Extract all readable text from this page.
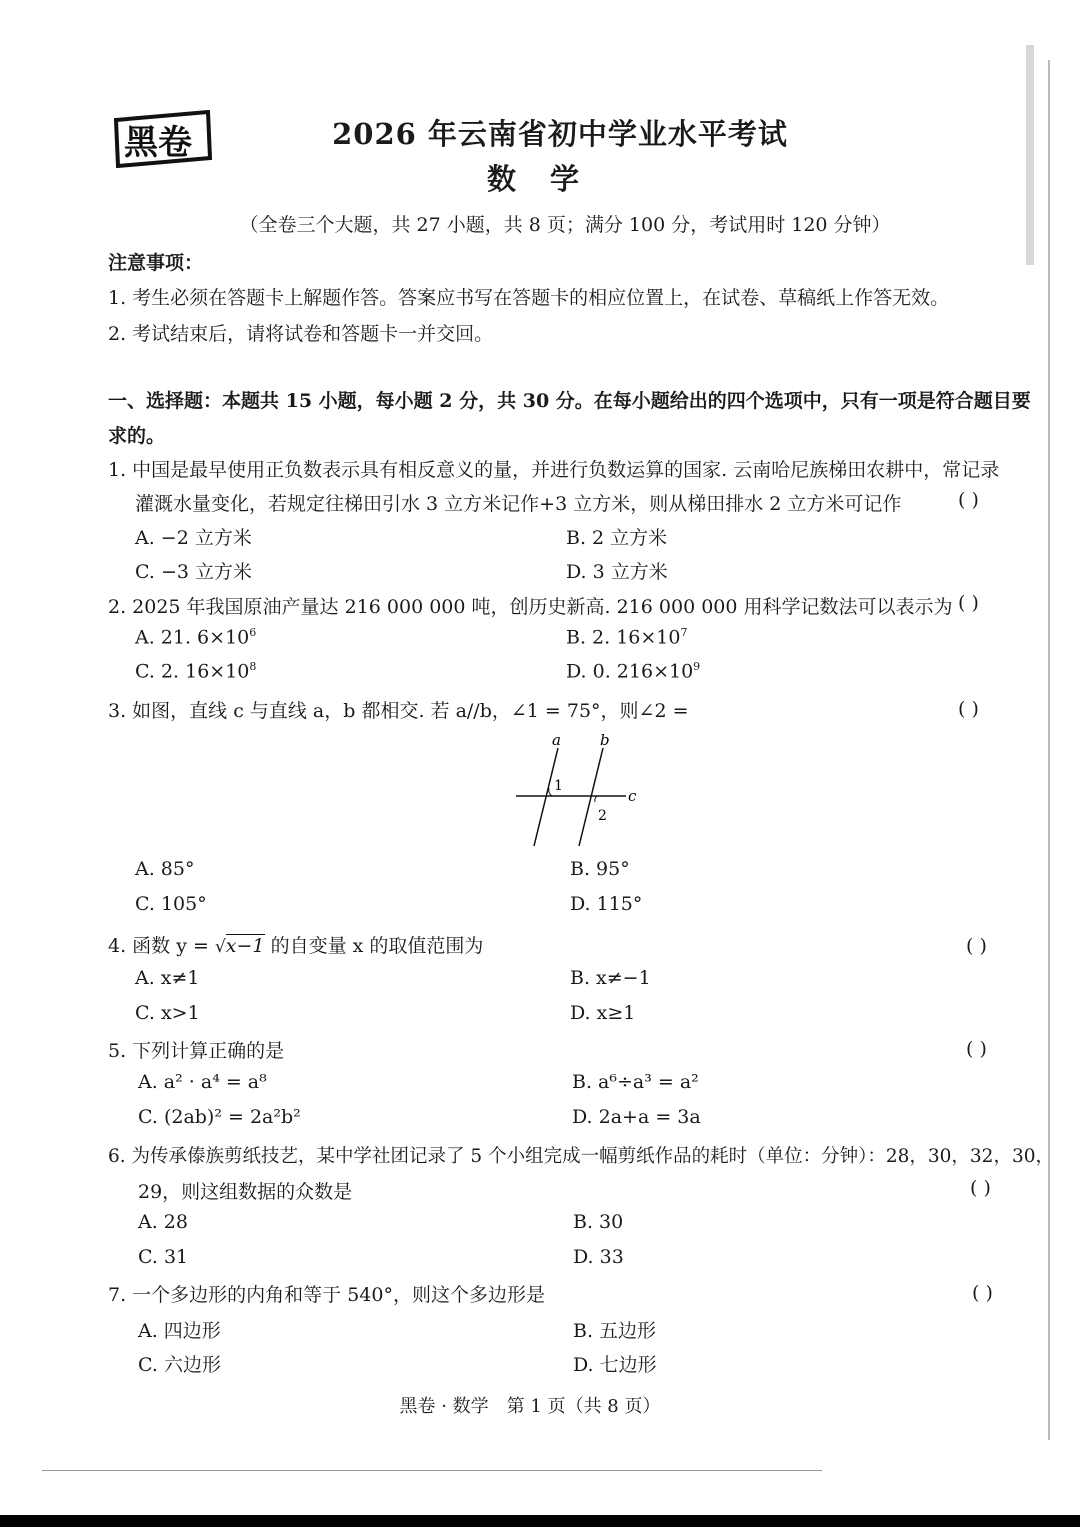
黑卷	2026 年云南省初中学业水平考试
数学
（全卷三个大题，共 27 小题，共 8 页；满分 100 分，考试用时 120 分钟）
注意事项：
1. 考生必须在答题卡上解题作答。答案应书写在答题卡的相应位置上，在试卷、草稿纸上作答无效。
2. 考试结束后，请将试卷和答题卡一并交回。
一、选择题：本题共 15 小题，每小题 2 分，共 30 分。在每小题给出的四个选项中，只有一项是符合题目要
求的。
1. 中国是最早使用正负数表示具有相反意义的量，并进行负数运算的国家. 云南哈尼族梯田农耕中，常记录
灌溉水量变化，若规定往梯田引水 3 立方米记作+3 立方米，则从梯田排水 2 立方米可记作	( )
A. −2 立方米	B. 2 立方米
C. −3 立方米	D. 3 立方米
2. 2025 年我国原油产量达 216 000 000 吨，创历史新高. 216 000 000 用科学记数法可以表示为 ( )
A. 21. $6\times 10^6$	B. 2. $16\times 10^7$
C. 2. $16\times 10^8$	D. 0. $216\times 10^9$
3. 如图，直线 c 与直线 a，b 都相交. 若 a//b，∠1 = 75°，则∠2 =	( )
a	b
c
1
2
A. 85°	B. 95°
C. 105°	D. 115°
4. 函数 y = √x−1 的自变量 x 的取值范围为	( )
A. x≠1	B. x≠−1
C. x>1	D. x≥1
5. 下列计算正确的是	( )
A. a² · a⁴ = a⁸	B. a⁶÷a³ = a²
C. (2ab)² = 2a²b²	D. 2a+a = 3a
6. 为传承傣族剪纸技艺，某中学社团记录了 5 个小组完成一幅剪纸作品的耗时（单位：分钟）：28，30，32，30，
29，则这组数据的众数是	( )
A. 28	B. 30
C. 31	D. 33
7. 一个多边形的内角和等于 540°，则这个多边形是	( )
A. 四边形	B. 五边形
C. 六边形	D. 七边形
黑卷 · 数学　第 1 页（共 8 页）
